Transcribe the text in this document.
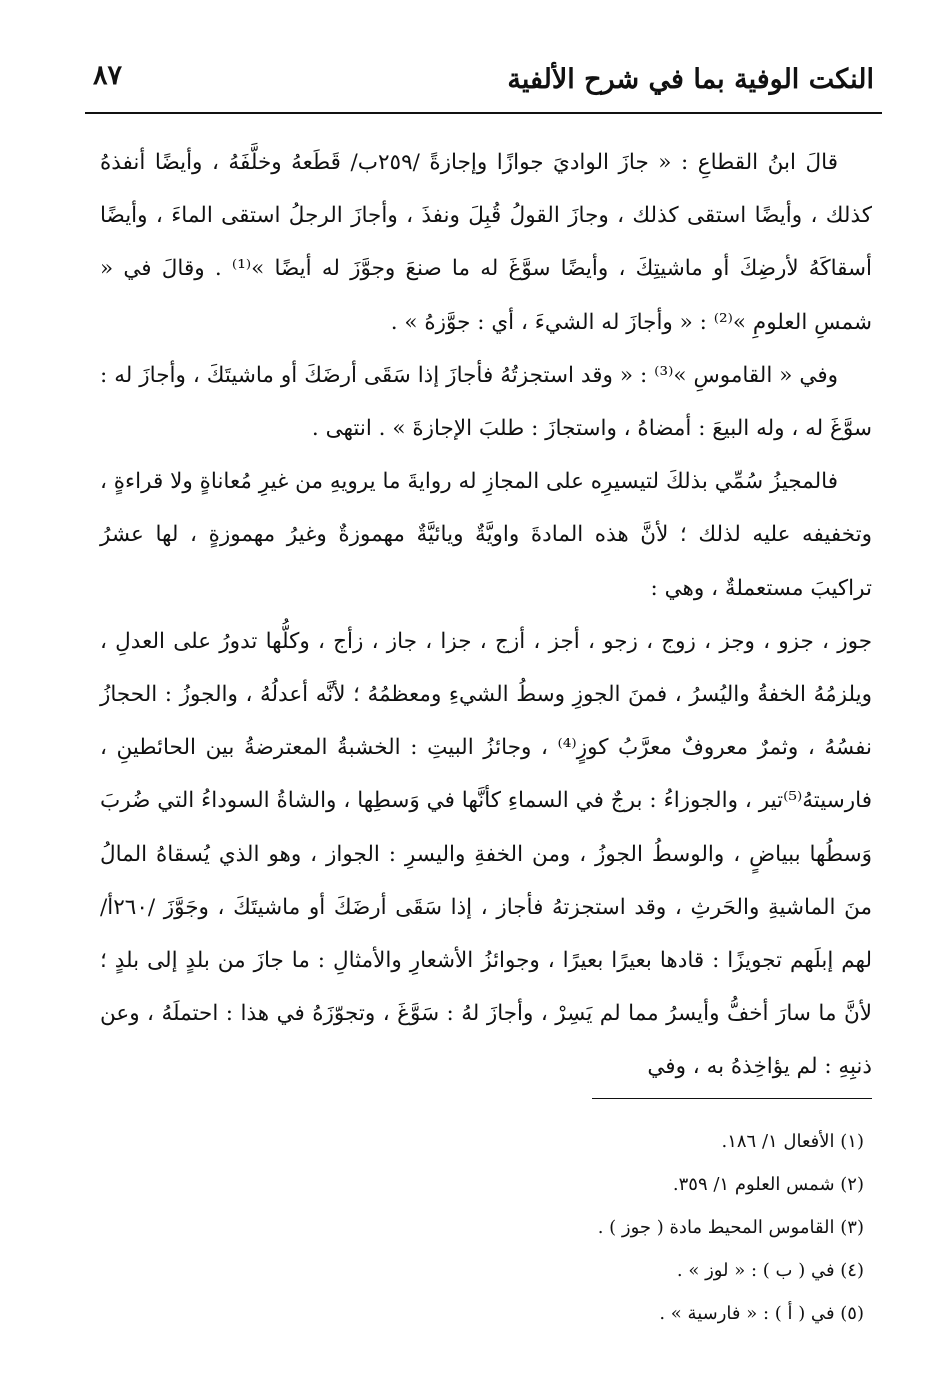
النكت الوفية بما في شرح الألفية
٨٧

قالَ ابنُ القطاعِ : « جازَ الواديَ جوازًا وإجازةً /٢٥٩ب/ قَطَعهُ وخلَّفَهُ ، وأيضًا أنفذهُ كذلك ، وأيضًا استقى كذلك ، وجازَ القولُ قُبِلَ ونفذَ ، وأجازَ الرجلُ استقى الماءَ ، وأيضًا أسقاكَهُ لأرضِكَ أو ماشيتِكَ ، وأيضًا سوَّغَ له ما صنعَ وجوَّزَ له أيضًا »⁽¹⁾ . وقالَ في « شمسِ العلومِ »⁽²⁾ : « وأجازَ له الشيءَ ، أي : جوَّزهُ » .

وفي « القاموسِ »⁽³⁾ : « وقد استجزتُهُ فأجازَ إذا سَقَى أرضَكَ أو ماشيتَكَ ، وأجازَ له : سوَّغَ له ، وله البيعَ : أمضاهُ ، واستجازَ : طلبَ الإجازةَ » . انتهى .

فالمجيزُ سُمِّي بذلكَ لتيسيرِه على المجازِ له روايةَ ما يرويهِ من غيرِ مُعاناةٍ ولا قراءةٍ ، وتخفيفه عليه لذلك ؛ لأنَّ هذه المادةَ واويَّةٌ ويائيَّةٌ مهموزةٌ وغيرُ مهموزةٍ ، لها عشرُ تراكيبَ مستعملةٌ ، وهي :

جوز ، جزو ، وجز ، زوج ، زجو ، أجز ، أزج ، جزا ، جاز ، زأج ، وكلُّها تدورُ على العدلِ ، ويلزمُهُ الخفةُ واليُسرُ ، فمنَ الجوزِ وسطُ الشيءِ ومعظمُهُ ؛ لأنَّه أعدلُهُ ، والجوزُ : الحجازُ نفسُهُ ، وثمرٌ معروفٌ معرَّبُ كوزٍ⁽⁴⁾ ، وجائزُ البيتِ : الخشبةُ المعترضةُ بين الحائطينِ ، فارسيتهُ⁽⁵⁾تير ، والجوزاءُ : برجٌ في السماءِ كأنَّها في وَسطِها ، والشاةُ السوداءُ التي ضُربَ وَسطُها ببياضٍ ، والوسطُ الجوزُ ، ومن الخفةِ واليسرِ : الجواز ، وهو الذي يُسقاهُ المالُ منَ الماشيةِ والحَرثِ ، وقد استجزتهُ فأجاز ، إذا سَقَى أرضَكَ أو ماشيتَكَ ، وجَوَّزَ /٢٦٠أ/ لهم إبلَهم تجويزًا : قادها بعيرًا بعيرًا ، وجوائزُ الأشعارِ والأمثالِ : ما جازَ من بلدٍ إلى بلدٍ ؛ لأنَّ ما سارَ أخفُّ وأيسرُ مما لم يَسِرْ ، وأجازَ لهُ : سَوَّغَ ، وتجوّزَهُ في هذا : احتملَهُ ، وعن ذنبِهِ : لم يؤاخِذهُ به ، وفي

(١) الأفعال ١/ ١٨٦.
(٢) شمس العلوم ١/ ٣٥٩.
(٣) القاموس المحيط مادة ( جوز ) .
(٤) في ( ب ) : « لوز » .
(٥) في ( أ ) : « فارسية » .
